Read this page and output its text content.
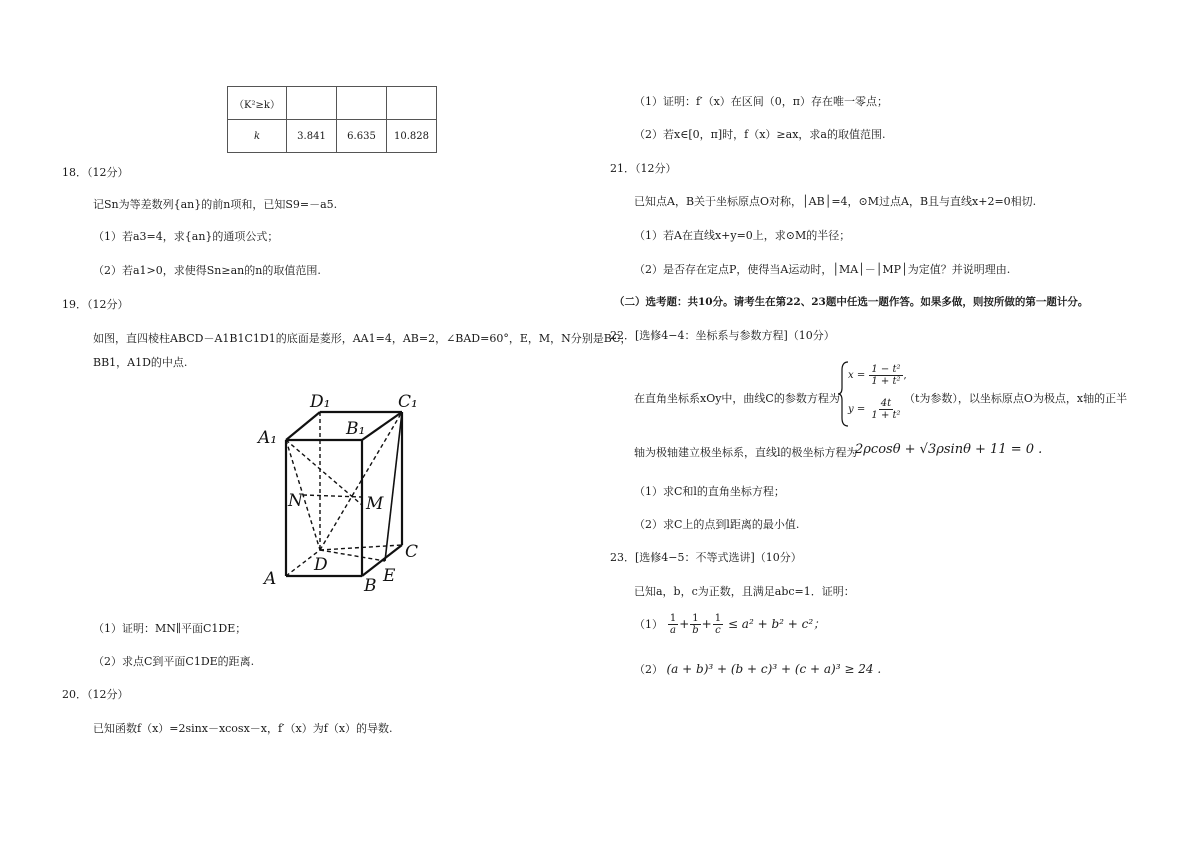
（K²≥k）			
k	3.841	6.635	10.828
18．（12分）
记Sn为等差数列{an}的前n项和，已知S9=－a5.
（1）若a3=4，求{an}的通项公式；
（2）若a1>0，求使得Sn≥an的n的取值范围.
19．（12分）
如图，直四棱柱ABCD－A1B1C1D1的底面是菱形，AA1=4，AB=2，∠BAD=60°，E，M，N分别是BC，
BB1，A1D的中点.
D₁	C₁
A₁	B₁
N	M
D
C
A	B E
（1）证明：MN∥平面C1DE；
（2）求点C到平面C1DE的距离.
20．（12分）
已知函数f（x）=2sinx－xcosx－x，f′（x）为f（x）的导数.
（1）证明：f′（x）在区间（0，π）存在唯一零点；
（2）若x∈[0，π]时，f（x）≥ax，求a的取值范围.
21．（12分）
已知点A，B关于坐标原点O对称，│AB│=4，⊙M过点A，B且与直线x+2=0相切.
（1）若A在直线x+y=0上，求⊙M的半径；
（2）是否存在定点P，使得当A运动时，│MA│－│MP│为定值？并说明理由.
（二）选考题：共10分。请考生在第22、23题中任选一题作答。如果多做，则按所做的第一题计分。
22．[选修4−4：坐标系与参数方程]（10分）
在直角坐标系xOy中，曲线C的参数方程为
$x = \frac{\text{1 − t²}}{\text{1 + t²}}$ ,
$y = \frac{4t}{\text{1 + t²}} (t$为参数），以坐标原点O为极点，x轴的正半
轴为极轴建立极坐标系，直线l的极坐标方程为
2ρcosθ + √3ρsinθ + 11 = 0 .
（1）求C和l的直角坐标方程；
（2）求C上的点到l距离的最小值.
23．[选修4−5：不等式选讲]（10分）
已知a，b，c为正数，且满足abc=1．证明：
$(1) \frac{1}{a} + \frac{1}{b} + \frac{1}{c} \le a^2 + b^2 + c^2$；
（2） (a + b)³ + (b + c)³ + (c + a)³ ≥ 24 .
